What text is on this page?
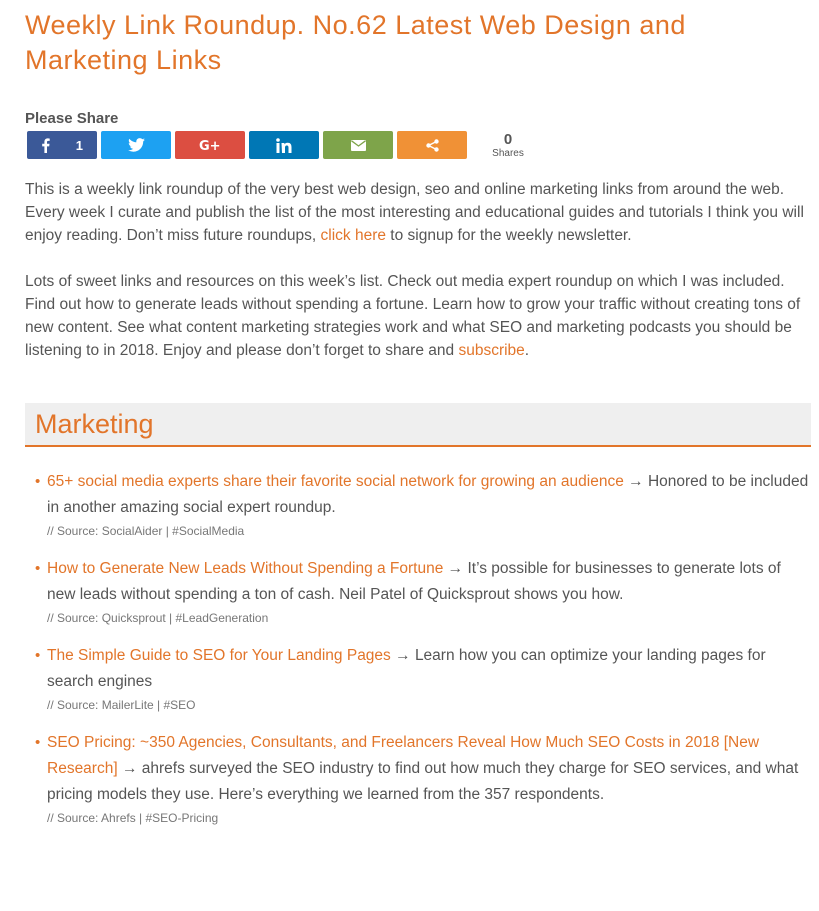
Weekly Link Roundup. No.62 Latest Web Design and Marketing Links
Please Share
1	G+	0
Shares

This is a weekly link roundup of the very best web design, seo and online marketing links from around the web. Every week I curate and publish the list of the most interesting and educational guides and tutorials I think you will enjoy reading. Don’t miss future roundups, click here to signup for the weekly newsletter.

Lots of sweet links and resources on this week’s list. Check out media expert roundup on which I was included. Find out how to generate leads without spending a fortune. Learn how to grow your traffic without creating tons of new content. See what content marketing strategies work and what SEO and marketing podcasts you should be listening to in 2018. Enjoy and please don’t forget to share and subscribe.

Marketing
• 65+ social media experts share their favorite social network for growing an audience → Honored to be included in another amazing social expert roundup.
// Source: SocialAider | #SocialMedia
• How to Generate New Leads Without Spending a Fortune → It’s possible for businesses to generate lots of new leads without spending a ton of cash. Neil Patel of Quicksprout shows you how.
// Source: Quicksprout | #LeadGeneration
• The Simple Guide to SEO for Your Landing Pages → Learn how you can optimize your landing pages for search engines
// Source: MailerLite | #SEO
• SEO Pricing: ~350 Agencies, Consultants, and Freelancers Reveal How Much SEO Costs in 2018 [New Research] → ahrefs surveyed the SEO industry to find out how much they charge for SEO services, and what pricing models they use. Here’s everything we learned from the 357 respondents.
// Source: Ahrefs | #SEO-Pricing
